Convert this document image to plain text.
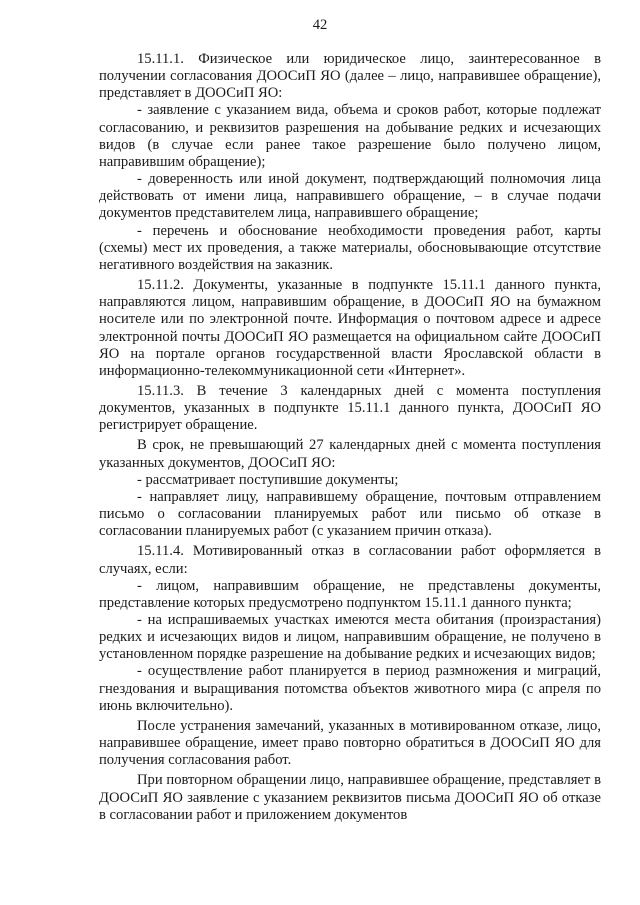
42

15.11.1. Физическое или юридическое лицо, заинтересованное в получении согласования ДООСиП ЯО (далее – лицо, направившее обращение), представляет в ДООСиП ЯО:

- заявление с указанием вида, объема и сроков работ, которые подлежат согласованию, и реквизитов разрешения на добывание редких и исчезающих видов (в случае если ранее такое разрешение было получено лицом, направившим обращение);

- доверенность или иной документ, подтверждающий полномочия лица действовать от имени лица, направившего обращение, – в случае подачи документов представителем лица, направившего обращение;

- перечень и обоснование необходимости проведения работ, карты (схемы) мест их проведения, а также материалы, обосновывающие отсутствие негативного воздействия на заказник.

15.11.2. Документы, указанные в подпункте 15.11.1 данного пункта, направляются лицом, направившим обращение, в ДООСиП ЯО на бумажном носителе или по электронной почте. Информация о почтовом адресе и адресе электронной почты ДООСиП ЯО размещается на официальном сайте ДООСиП ЯО на портале органов государственной власти Ярославской области в информационно-телекоммуникационной сети «Интернет».

15.11.3. В течение 3 календарных дней с момента поступления документов, указанных в подпункте 15.11.1 данного пункта, ДООСиП ЯО регистрирует обращение.

В срок, не превышающий 27 календарных дней с момента поступления указанных документов, ДООСиП ЯО:

- рассматривает поступившие документы;

- направляет лицу, направившему обращение, почтовым отправлением письмо о согласовании планируемых работ или письмо об отказе в согласовании планируемых работ (с указанием причин отказа).

15.11.4. Мотивированный отказ в согласовании работ оформляется в случаях, если:

- лицом, направившим обращение, не представлены документы, представление которых предусмотрено подпунктом 15.11.1 данного пункта;

- на испрашиваемых участках имеются места обитания (произрастания) редких и исчезающих видов и лицом, направившим обращение, не получено в установленном порядке разрешение на добывание редких и исчезающих видов;

- осуществление работ планируется в период размножения и миграций, гнездования и выращивания потомства объектов животного мира (с апреля по июнь включительно).

После устранения замечаний, указанных в мотивированном отказе, лицо, направившее обращение, имеет право повторно обратиться в ДООСиП ЯО для получения согласования работ.

При повторном обращении лицо, направившее обращение, представляет в ДООСиП ЯО заявление с указанием реквизитов письма ДООСиП ЯО об отказе в согласовании работ и приложением документов
